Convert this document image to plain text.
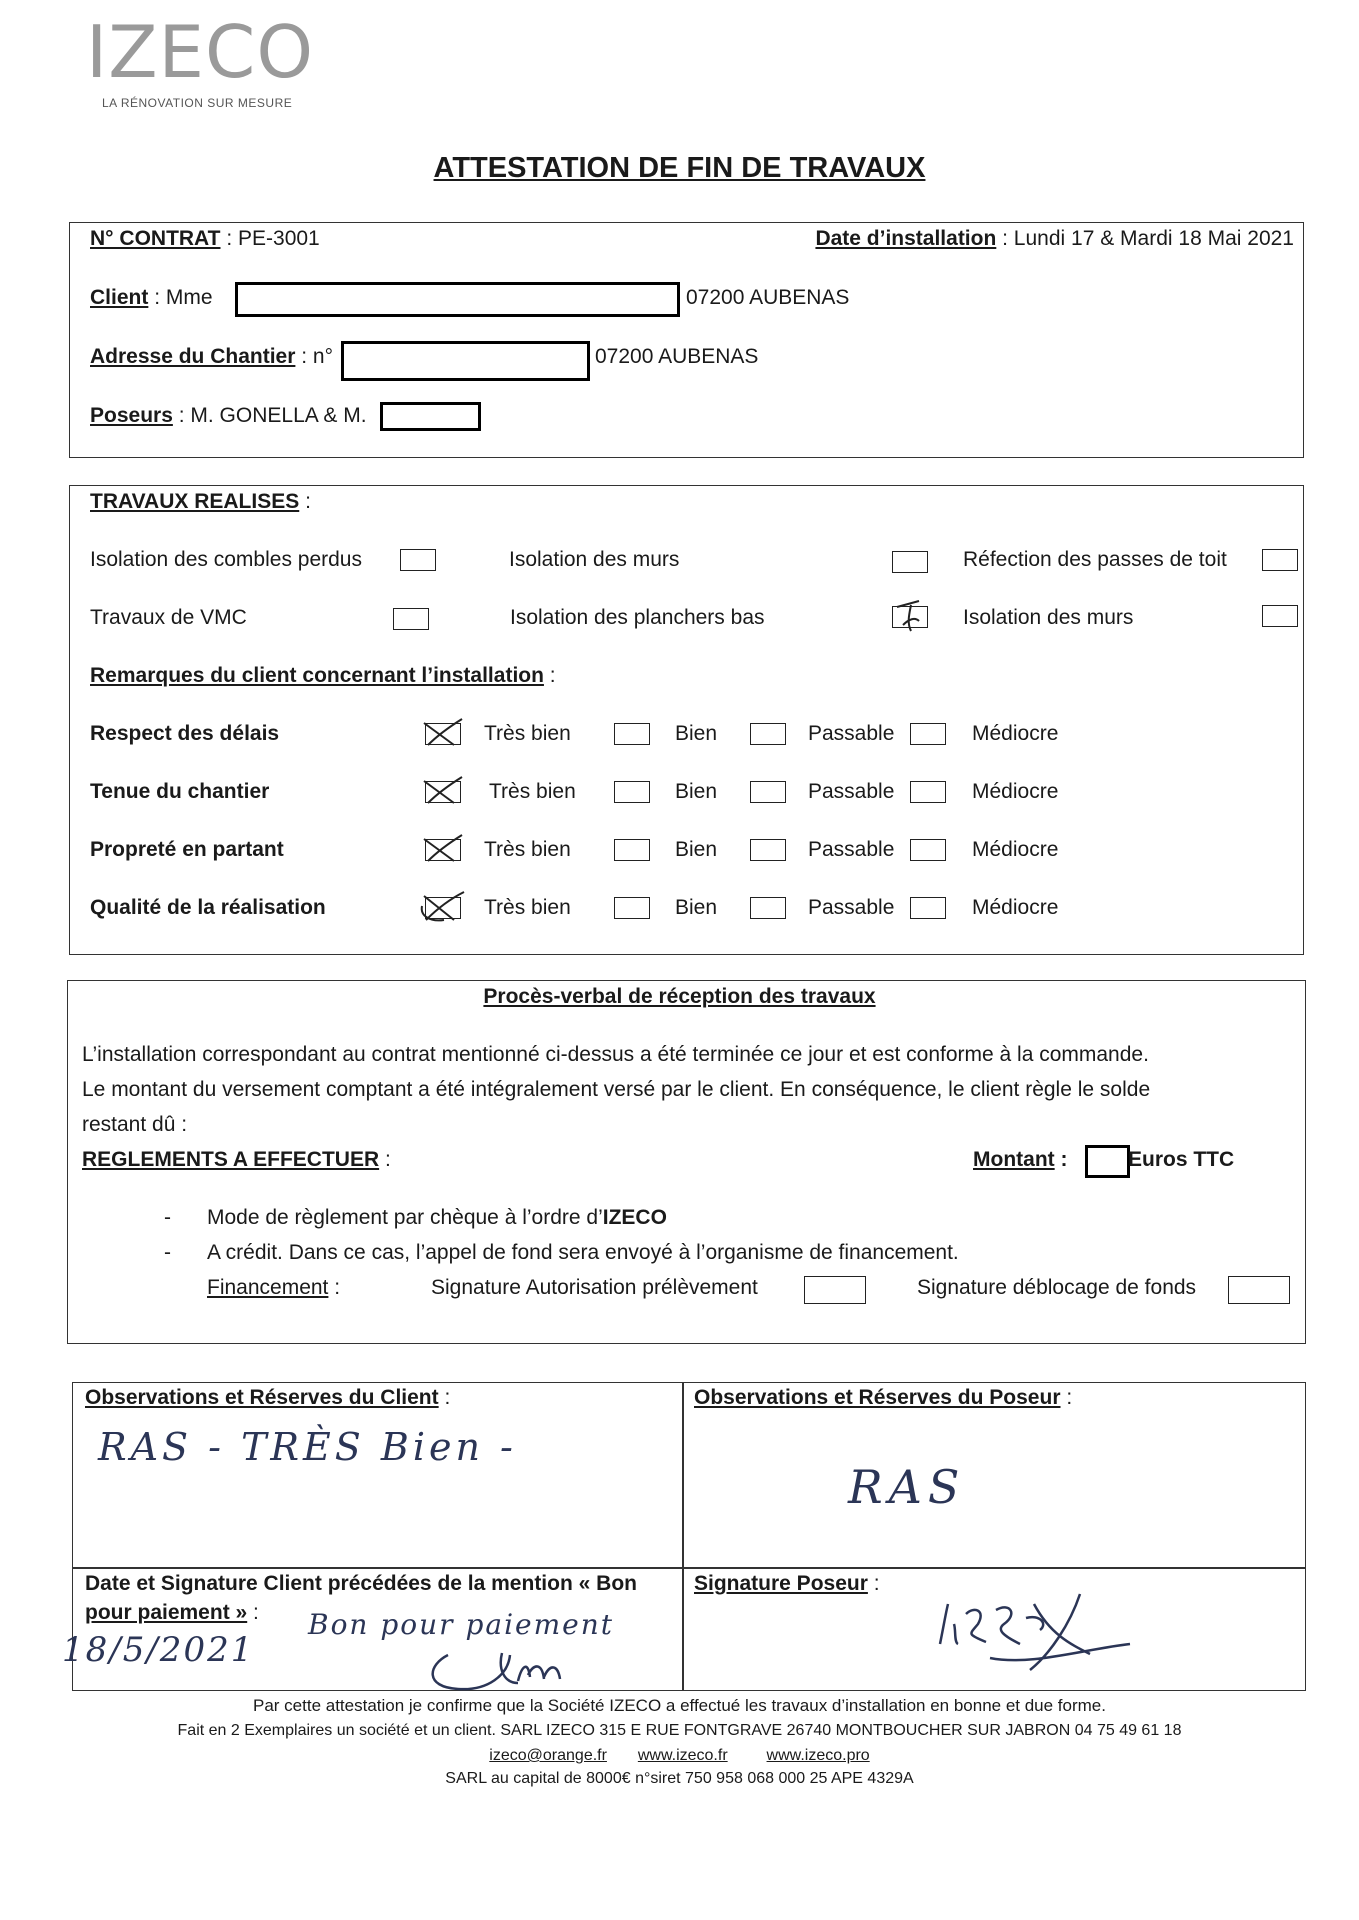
IZECO
LA RÉNOVATION SUR MESURE
ATTESTATION DE FIN DE TRAVAUX
N° CONTRAT : PE-3001	Date d’installation : Lundi 17 & Mardi 18 Mai 2021
Client : Mme	07200 AUBENAS
Adresse du Chantier : n°	07200 AUBENAS
Poseurs : M. GONELLA & M.
TRAVAUX REALISES :
Isolation des combles perdus	Isolation des murs	Réfection des passes de toit
Travaux de VMC	Isolation des planchers bas	Isolation des murs
Remarques du client concernant l’installation :
Respect des délais	Très bien	Bien	Passable	Médiocre
Tenue du chantier	Très bien	Bien	Passable	Médiocre
Propreté en partant	Très bien	Bien	Passable	Médiocre
Qualité de la réalisation	Très bien	Bien	Passable	Médiocre
Procès-verbal de réception des travaux
L’installation correspondant au contrat mentionné ci-dessus a été terminée ce jour et est conforme à la commande.
Le montant du versement comptant a été intégralement versé par le client. En conséquence, le client règle le solde
restant dû :
REGLEMENTS A EFFECTUER :	Montant :	Euros TTC
- Mode de règlement par chèque à l’ordre d’IZECO
- A crédit. Dans ce cas, l’appel de fond sera envoyé à l’organisme de financement.
Financement :	Signature Autorisation prélèvement	Signature déblocage de fonds
Observations et Réserves du Client :	Observations et Réserves du Poseur :
RAS - TRÈS Bien -
RAS
Date et Signature Client précédées de la mention « Bon
pour paiement » :
18/5/2021
Bon pour paiement
Signature Poseur :
Par cette attestation je confirme que la Société IZECO a effectué les travaux d’installation en bonne et due forme.
Fait en 2 Exemplaires un société et un client. SARL IZECO 315 E RUE FONTGRAVE 26740 MONTBOUCHER SUR JABRON 04 75 49 61 18
izeco@orange.fr www.izeco.fr www.izeco.pro
SARL au capital de 8000€ n°siret 750 958 068 000 25 APE 4329A
